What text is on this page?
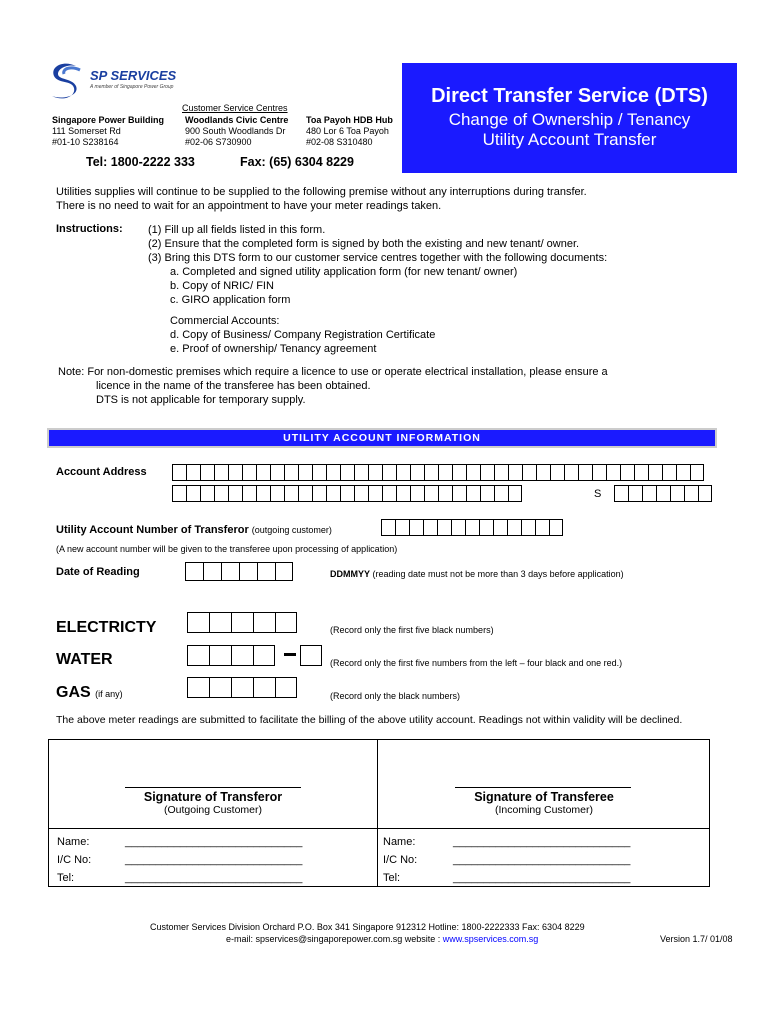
SP SERVICES
A member of Singapore Power Group
Customer Service Centres
Singapore Power Building
111 Somerset Rd
#01-10 S238164
Woodlands Civic Centre
900 South Woodlands Dr
#02-06 S730900
Toa Payoh HDB Hub
480 Lor 6 Toa Payoh
#02-08 S310480
Tel: 1800-2222 333	Fax: (65) 6304 8229
Direct Transfer Service (DTS)
Change of Ownership / Tenancy
Utility Account Transfer
Utilities supplies will continue to be supplied to the following premise without any interruptions during transfer.
There is no need to wait for an appointment to have your meter readings taken.
Instructions: (1) Fill up all fields listed in this form.
(2) Ensure that the completed form is signed by both the existing and new tenant/ owner.
(3) Bring this DTS form to our customer service centres together with the following documents:
a. Completed and signed utility application form (for new tenant/ owner)
b. Copy of NRIC/ FIN
c. GIRO application form
Commercial Accounts:
d. Copy of Business/ Company Registration Certificate
e. Proof of ownership/ Tenancy agreement
Note: For non-domestic premises which require a licence to use or operate electrical installation, please ensure a
licence in the name of the transferee has been obtained.
DTS is not applicable for temporary supply.
UTILITY ACCOUNT INFORMATION
Account Address
S
Utility Account Number of Transferor (outgoing customer)
(A new account number will be given to the transferee upon processing of application)
Date of Reading	DDMMYY (reading date must not be more than 3 days before application)
ELECTRICTY	(Record only the first five black numbers)
WATER	(Record only the first five numbers from the left – four black and one red.)
GAS (if any)	(Record only the black numbers)
The above meter readings are submitted to facilitate the billing of the above utility account. Readings not within validity will be declined.
Signature of Transferor
(Outgoing Customer)
Signature of Transferee
(Incoming Customer)
Name:	_____________________________
I/C No:	_____________________________
Tel:	_____________________________
Name:	_____________________________
I/C No:	_____________________________
Tel:	_____________________________
Customer Services Division Orchard P.O. Box 341 Singapore 912312 Hotline: 1800-2222333 Fax: 6304 8229
e-mail: spservices@singaporepower.com.sg website : www.spservices.com.sg	Version 1.7/ 01/08
